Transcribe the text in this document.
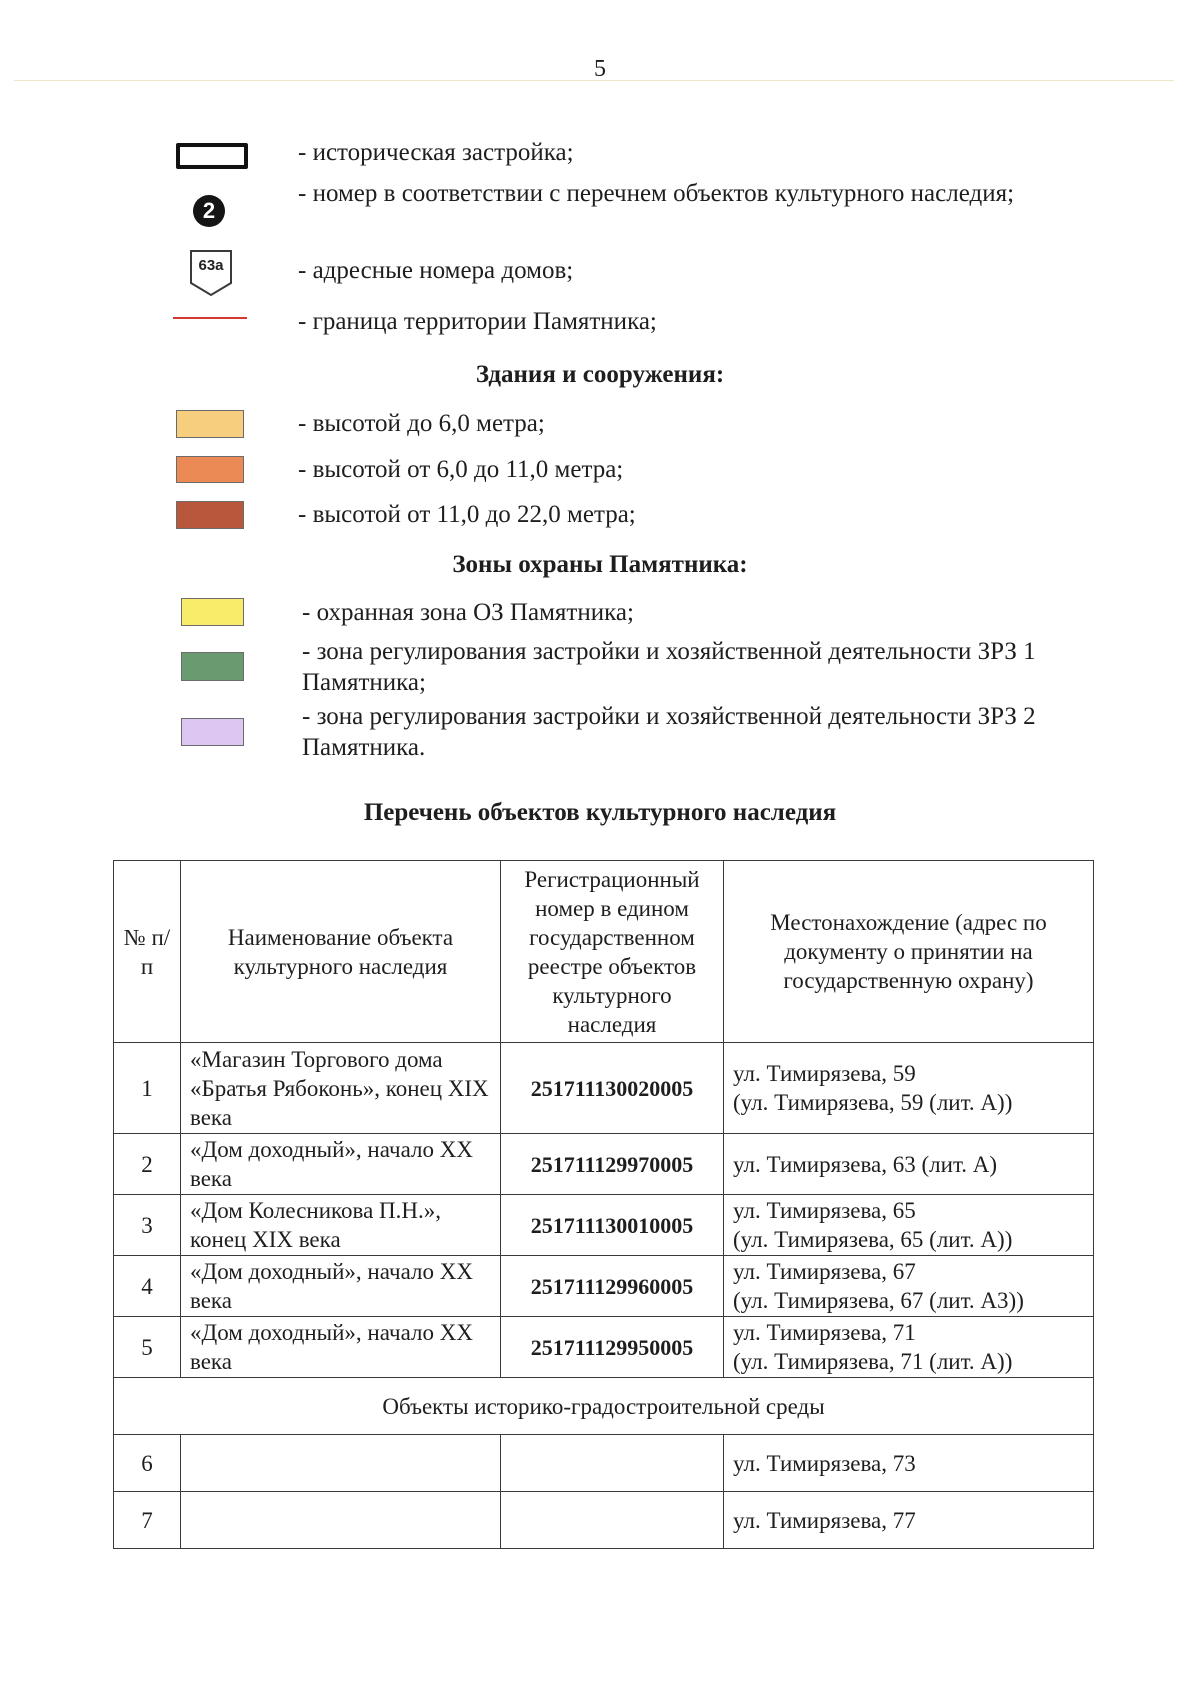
5
- историческая застройка;
2
- номер в соответствии с перечнем объектов культурного наследия;
63а	- адресные номера домов;
- граница территории Памятника;
Здания и сооружения:
- высотой до 6,0 метра;
- высотой от 6,0 до 11,0 метра;
- высотой от 11,0 до 22,0 метра;
Зоны охраны Памятника:
- охранная зона ОЗ Памятника;
- зона регулирования застройки и хозяйственной деятельности ЗРЗ 1 Памятника;
- зона регулирования застройки и хозяйственной деятельности ЗРЗ 2 Памятника.
Перечень объектов культурного наследия
№ п/п	Наименование объекта культурного наследия	Регистрационный номер в едином государственном реестре объектов культурного наследия	Местонахождение (адрес по документу о принятии на государственную охрану)
1	«Магазин Торгового дома «Братья Рябоконь», конец XIX века	251711130020005	ул. Тимирязева, 59
(ул. Тимирязева, 59 (лит. А))

2	«Дом доходный», начало XX века	251711129970005	ул. Тимирязева, 63 (лит. А)

3	«Дом Колесникова П.Н.», конец XIX века	251711130010005	ул. Тимирязева, 65
(ул. Тимирязева, 65 (лит. А))

4	«Дом доходный», начало XX века	251711129960005	ул. Тимирязева, 67
(ул. Тимирязева, 67 (лит. А3))

5	«Дом доходный», начало XX века	251711129950005	ул. Тимирязева, 71
(ул. Тимирязева, 71 (лит. А))

Объекты историко-градостроительной среды			
6			ул. Тимирязева, 73
7			ул. Тимирязева, 77
